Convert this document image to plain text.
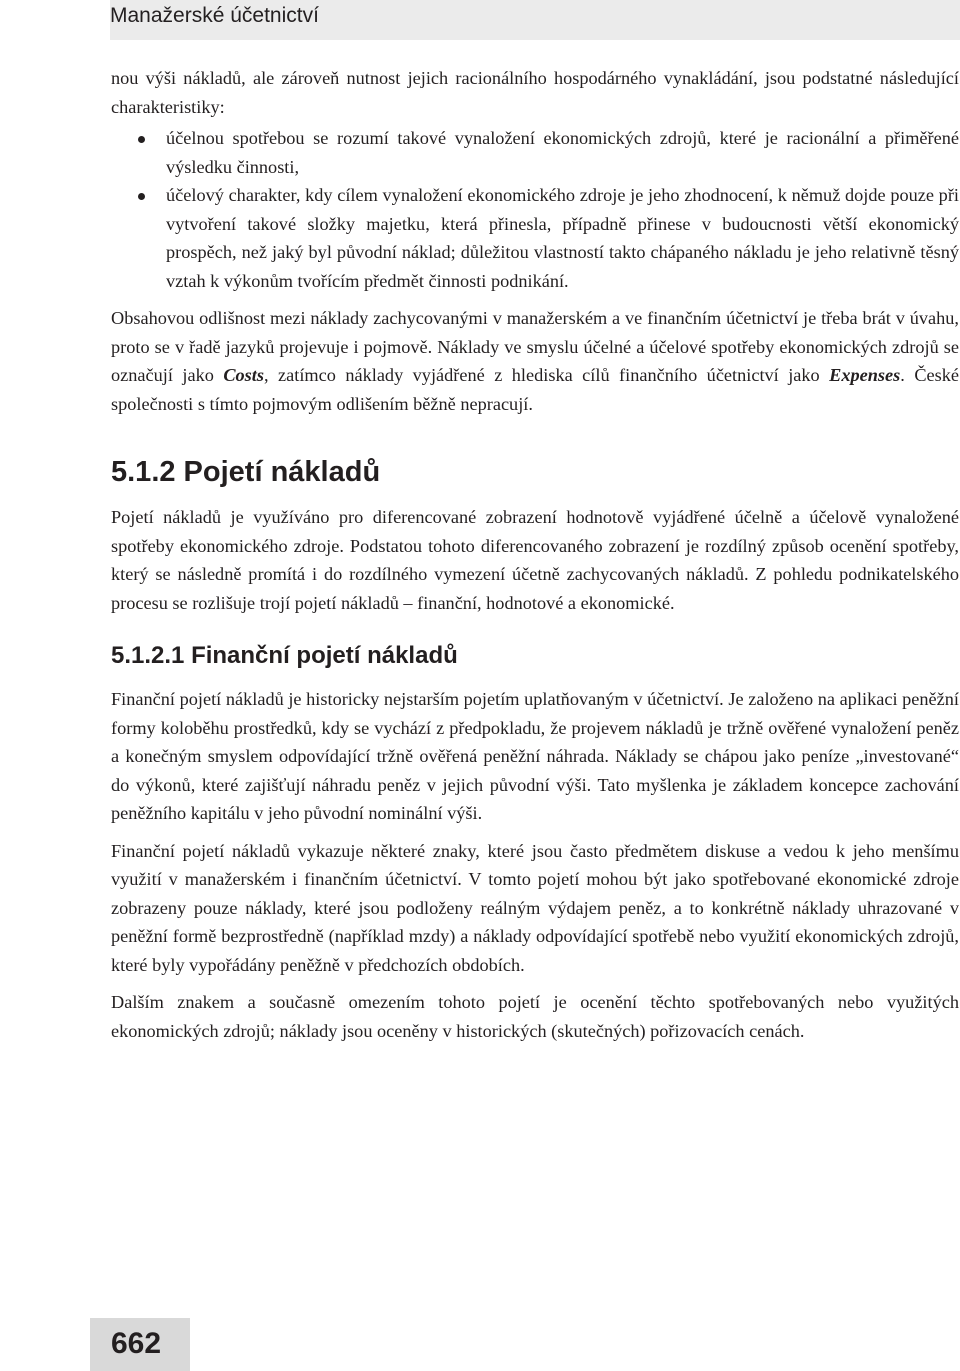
Manažerské účetnictví

nou výši nákladů, ale zároveň nutnost jejich racionálního hospodárného vynakládání, jsou podstatné následující charakteristiky:

účelnou spotřebou se rozumí takové vynaložení ekonomických zdrojů, které je racionální a přiměřené výsledku činnosti,
účelový charakter, kdy cílem vynaložení ekonomického zdroje je jeho zhodnocení, k němuž dojde pouze při vytvoření takové složky majetku, která přinesla, případně přinese v budoucnosti větší ekonomický prospěch, než jaký byl původní náklad; důležitou vlastností takto chápaného nákladu je jeho relativně těsný vztah k výkonům tvořícím předmět činnosti podnikání.

Obsahovou odlišnost mezi náklady zachycovanými v manažerském a ve finančním účetnictví je třeba brát v úvahu, proto se v řadě jazyků projevuje i pojmově. Náklady ve smyslu účelné a účelové spotřeby ekonomických zdrojů se označují jako Costs, zatímco náklady vyjádřené z hlediska cílů finančního účetnictví jako Expenses. České společnosti s tímto pojmovým odlišením běžně nepracují.

5.1.2 Pojetí nákladů

Pojetí nákladů je využíváno pro diferencované zobrazení hodnotově vyjádřené účelně a účelově vynaložené spotřeby ekonomického zdroje. Podstatou tohoto diferencovaného zobrazení je rozdílný způsob ocenění spotřeby, který se následně promítá i do rozdílného vymezení účetně zachycovaných nákladů. Z pohledu podnikatelského procesu se rozlišuje trojí pojetí nákladů – finanční, hodnotové a ekonomické.

5.1.2.1 Finanční pojetí nákladů

Finanční pojetí nákladů je historicky nejstarším pojetím uplatňovaným v účetnictví. Je založeno na aplikaci peněžní formy koloběhu prostředků, kdy se vychází z předpokladu, že projevem nákladů je tržně ověřené vynaložení peněz a konečným smyslem odpovídající tržně ověřená peněžní náhrada. Náklady se chápou jako peníze „investované“ do výkonů, které zajišťují náhradu peněz v jejich původní výši. Tato myšlenka je základem koncepce zachování peněžního kapitálu v jeho původní nominální výši.

Finanční pojetí nákladů vykazuje některé znaky, které jsou často předmětem diskuse a vedou k jeho menšímu využití v manažerském i finančním účetnictví. V tomto pojetí mohou být jako spotřebované ekonomické zdroje zobrazeny pouze náklady, které jsou podloženy reálným výdajem peněz, a to konkrétně náklady uhrazované v peněžní formě bezprostředně (například mzdy) a náklady odpovídající spotřebě nebo využití ekonomických zdrojů, které byly vypořádány peněžně v předchozích obdobích.

Dalším znakem a současně omezením tohoto pojetí je ocenění těchto spotřebovaných nebo využitých ekonomických zdrojů; náklady jsou oceněny v historických (skutečných) pořizovacích cenách.

662
